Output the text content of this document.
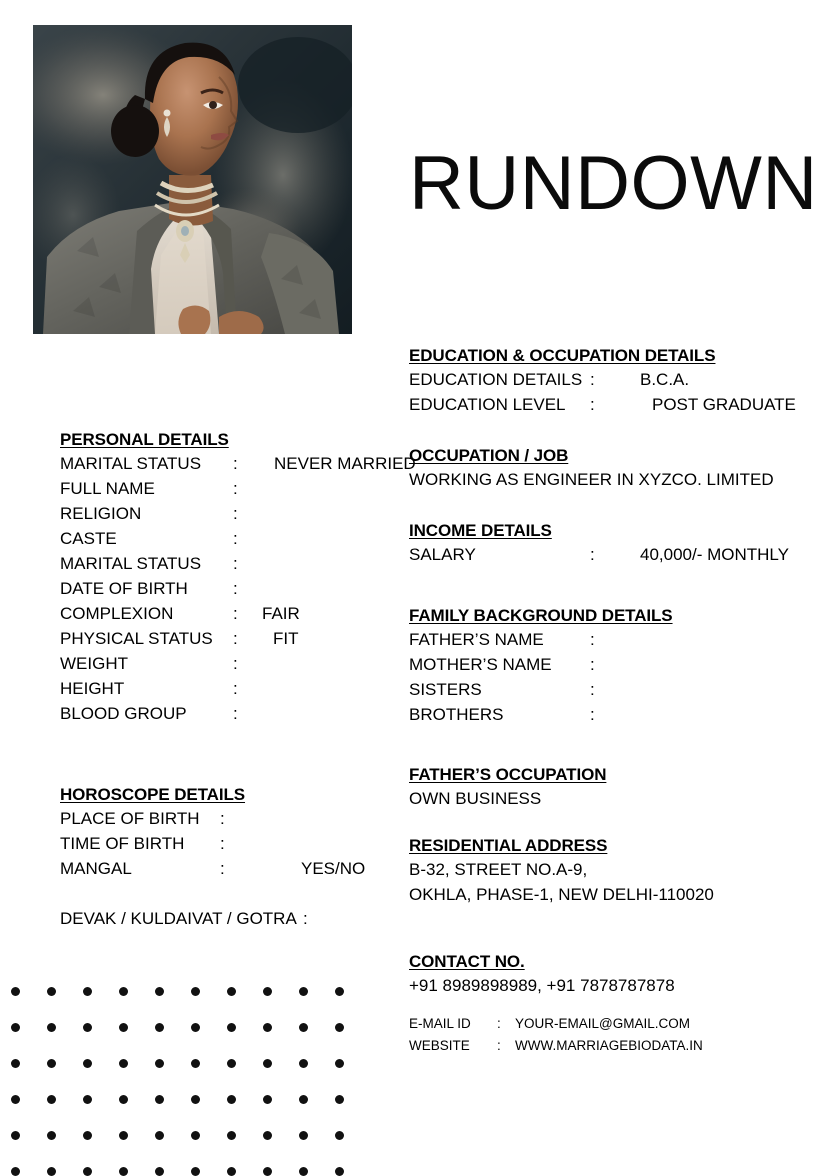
RUNDOWN
PERSONAL DETAILS
MARITAL STATUS : NEVER MARRIED
FULL NAME	:
RELIGION	:
CASTE	:
MARITAL STATUS :
DATE OF BIRTH	:
COMPLEXION	: FAIR
PHYSICAL STATUS : FIT
WEIGHT	:
HEIGHT	:
BLOOD GROUP	:
HOROSCOPE DETAILS
PLACE OF BIRTH :
TIME OF BIRTH :
MANGAL	:	YES/NO
DEVAK / KULDAIVAT / GOTRA :
EDUCATION & OCCUPATION DETAILS
EDUCATION DETAILS :	B.C.A.
EDUCATION LEVEL :	POST GRADUATE
OCCUPATION / JOB
WORKING AS ENGINEER IN XYZCO. LIMITED
INCOME DETAILS
SALARY	:	40,000/- MONTHLY
FAMILY BACKGROUND DETAILS
FATHER’S NAME	:
MOTHER’S NAME :
SISTERS	:
BROTHERS	:
FATHER’S OCCUPATION
OWN BUSINESS
RESIDENTIAL ADDRESS
B-32, STREET NO.A-9,
OKHLA, PHASE-1, NEW DELHI-110020
CONTACT NO.
+91 8989898989, +91 7878787878
E-MAIL ID : YOUR-EMAIL@GMAIL.COM
WEBSITE : WWW.MARRIAGEBIODATA.IN
